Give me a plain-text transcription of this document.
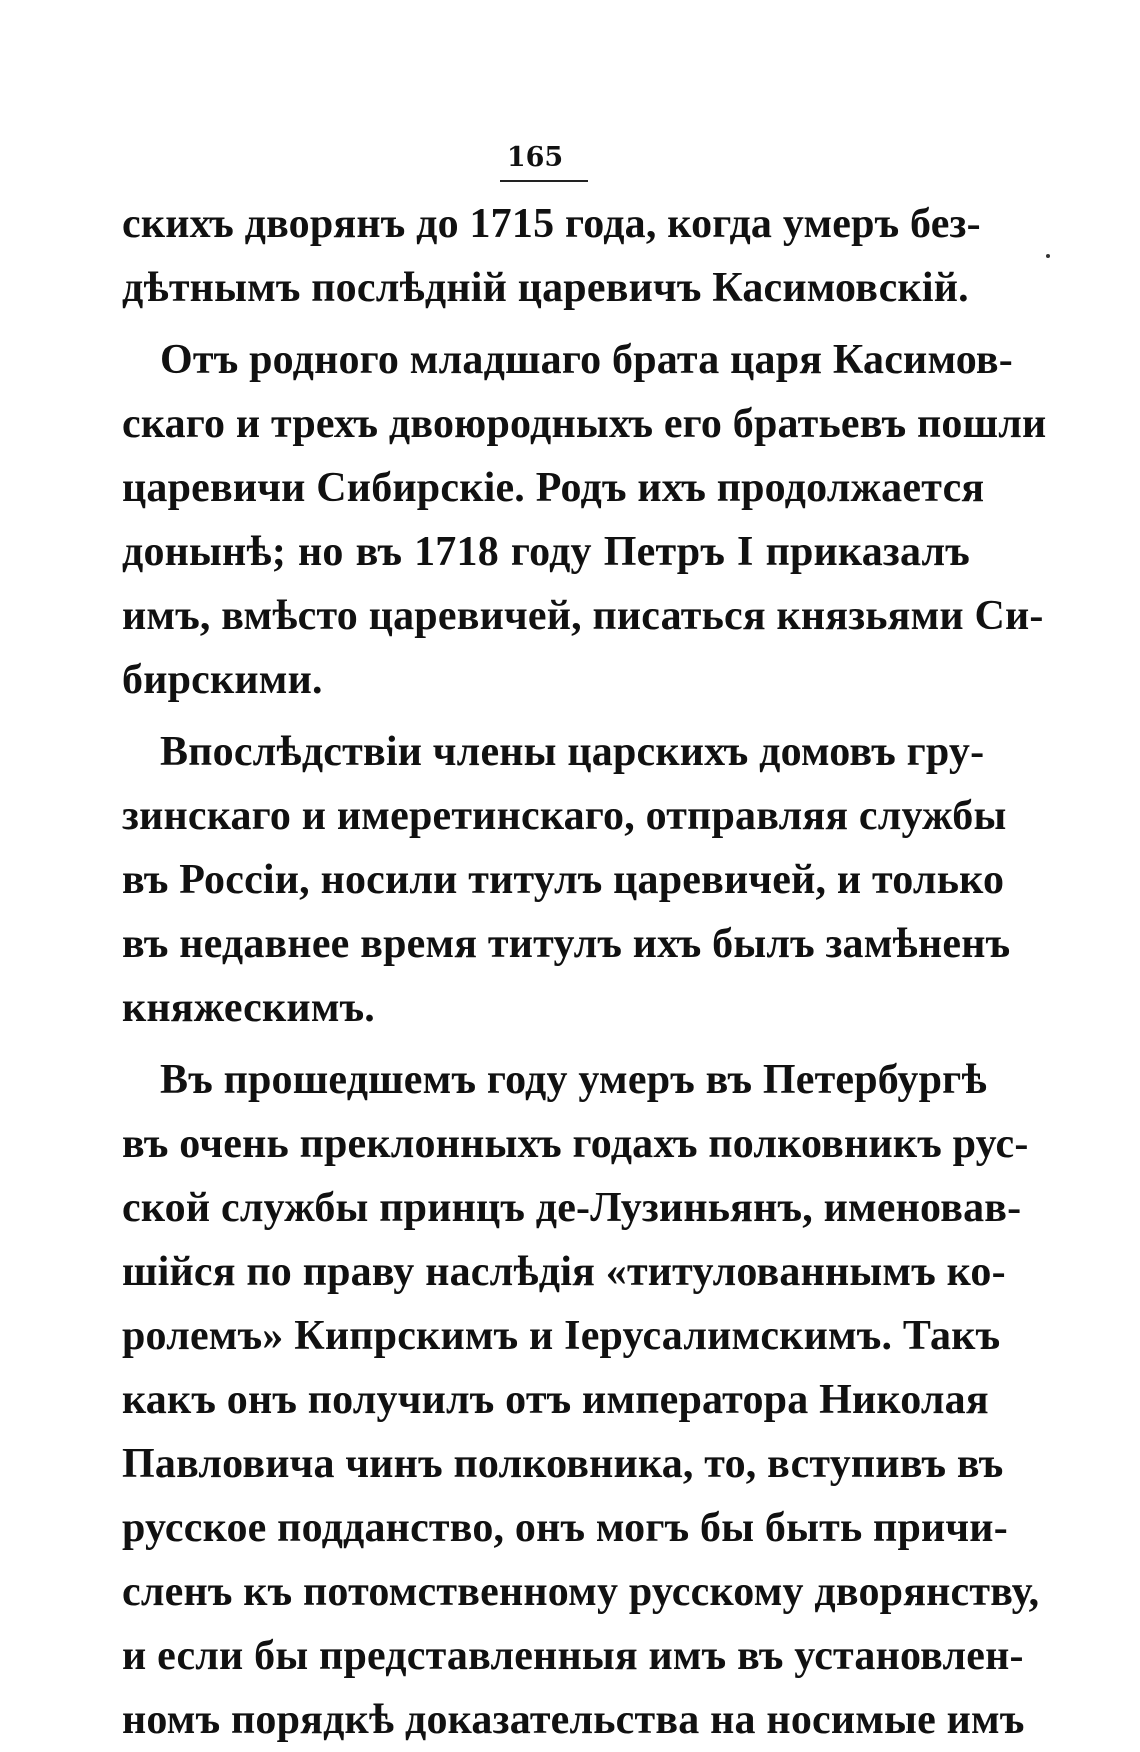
165
скихъ дворянъ до 1715 года, когда умеръ без-
дѣтнымъ послѣднiй царевичъ Касимовскiй.
Отъ родного младшаго брата царя Касимов-
скаго и трехъ двоюродныхъ его братьевъ пошли
царевичи Сибирскiе. Родъ ихъ продолжается
донынѣ; но въ 1718 году Петръ I приказалъ
имъ, вмѣсто царевичей, писаться князьями Си-
бирскими.
Впослѣдствiи члены царскихъ домовъ гру-
зинскаго и имеретинскаго, отправляя службы
въ Россiи, носили титулъ царевичей, и только
въ недавнее время титулъ ихъ былъ замѣненъ
княжескимъ.
Въ прошедшемъ году умеръ въ Петербургѣ
въ очень преклонныхъ годахъ полковникъ рус-
ской службы принцъ де-Лузиньянъ, именовав-
шiйся по праву наслѣдiя «титулованнымъ ко-
ролемъ» Кипрскимъ и Iерусалимскимъ. Такъ
какъ онъ получилъ отъ императора Николая
Павловича чинъ полковника, то, вступивъ въ
русское подданство, онъ могъ бы быть причи-
сленъ къ потомственному русскому дворянству,
и если бы представленныя имъ въ установлен-
номъ порядкѣ доказательства на носимые имъ
